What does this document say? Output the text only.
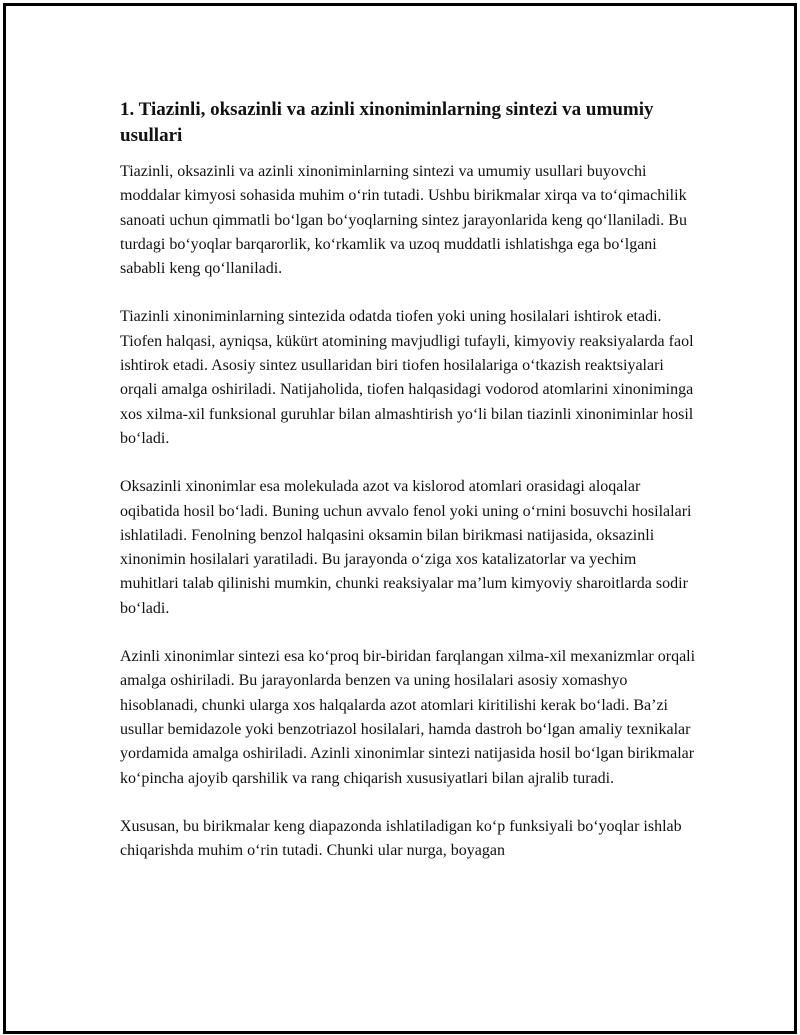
1. Tiazinli, oksazinli va azinli xinoniminlarning sintezi va umumiy usullari

Tiazinli, oksazinli va azinli xinoniminlarning sintezi va umumiy usullari buyovchi moddalar kimyosi sohasida muhim o‘rin tutadi. Ushbu birikmalar xirqa va to‘qimachilik sanoati uchun qimmatli bo‘lgan bo‘yoqlarning sintez jarayonlarida keng qo‘llaniladi. Bu turdagi bo‘yoqlar barqarorlik, ko‘rkamlik va uzoq muddatli ishlatishga ega bo‘lgani sababli keng qo‘llaniladi.

Tiazinli xinoniminlarning sintezida odatda tiofen yoki uning hosilalari ishtirok etadi. Tiofen halqasi, ayniqsa, kükürt atomining mavjudligi tufayli, kimyoviy reaksiyalarda faol ishtirok etadi. Asosiy sintez usullaridan biri tiofen hosilalariga o‘tkazish reaktsiyalari orqali amalga oshiriladi. Natijaholida, tiofen halqasidagi vodorod atomlarini xinoniminga xos xilma-xil funksional guruhlar bilan almashtirish yo‘li bilan tiazinli xinoniminlar hosil bo‘ladi.

Oksazinli xinonimlar esa molekulada azot va kislorod atomlari orasidagi aloqalar oqibatida hosil bo‘ladi. Buning uchun avvalo fenol yoki uning o‘rnini bosuvchi hosilalari ishlatiladi. Fenolning benzol halqasini oksamin bilan birikmasi natijasida, oksazinli xinonimin hosilalari yaratiladi. Bu jarayonda o‘ziga xos katalizatorlar va yechim muhitlari talab qilinishi mumkin, chunki reaksiyalar ma’lum kimyoviy sharoitlarda sodir bo‘ladi.

Azinli xinonimlar sintezi esa ko‘proq bir-biridan farqlangan xilma-xil mexanizmlar orqali amalga oshiriladi. Bu jarayonlarda benzen va uning hosilalari asosiy xomashyo hisoblanadi, chunki ularga xos halqalarda azot atomlari kiritilishi kerak bo‘ladi. Ba’zi usullar bemidazole yoki benzotriazol hosilalari, hamda dastroh bo‘lgan amaliy texnikalar yordamida amalga oshiriladi. Azinli xinonimlar sintezi natijasida hosil bo‘lgan birikmalar ko‘pincha ajoyib qarshilik va rang chiqarish xususiyatlari bilan ajralib turadi.

Xususan, bu birikmalar keng diapazonda ishlatiladigan ko‘p funksiyali bo‘yoqlar ishlab chiqarishda muhim o‘rin tutadi. Chunki ular nurga, boyagan
